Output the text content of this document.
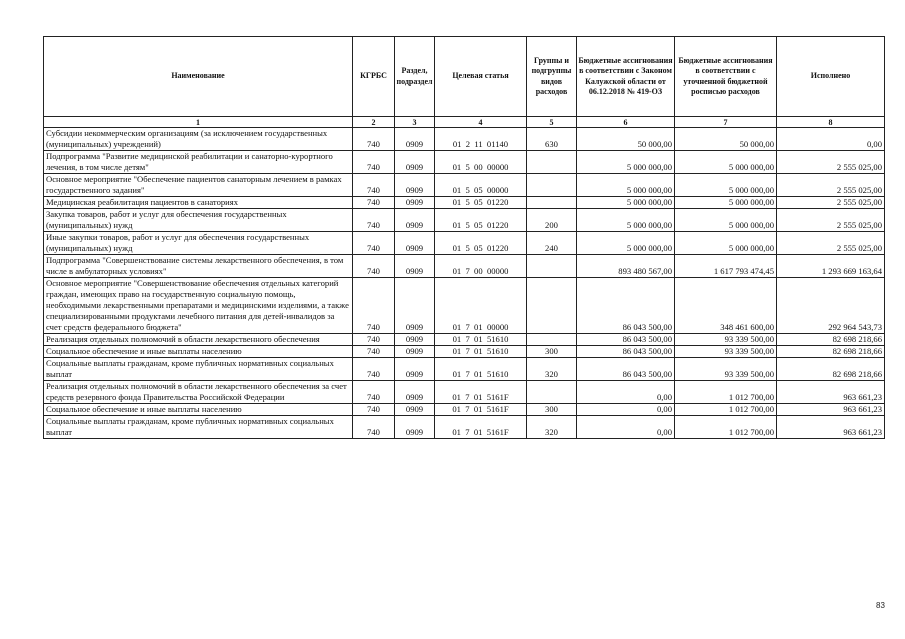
Наименование	КГРБС	Раздел, подраздел	Целевая статья	Группы и подгруппы видов расходов	Бюджетные ассигнования в соответствии с Законом Калужской области от 06.12.2018 № 419-ОЗ	Бюджетные ассигнования в соответствии с уточненной бюджетной росписью расходов	Исполнено
1	2	3	4	5	6	7	8
Субсидии некоммерческим организациям (за исключением государственных (муниципальных) учреждений)	740	0909	01  2  11  01140	630	50 000,00	50 000,00	0,00
Подпрограмма "Развитие медицинской реабилитации и санаторно-курортного лечения, в том числе детям"	740	0909	01  5  00  00000		5 000 000,00	5 000 000,00	2 555 025,00
Основное мероприятие "Обеспечение пациентов санаторным лечением в рамках государственного задания"	740	0909	01  5  05  00000		5 000 000,00	5 000 000,00	2 555 025,00
Медицинская реабилитация пациентов в санаториях	740	0909	01  5  05  01220		5 000 000,00	5 000 000,00	2 555 025,00
Закупка товаров, работ и услуг для обеспечения государственных (муниципальных) нужд	740	0909	01  5  05  01220	200	5 000 000,00	5 000 000,00	2 555 025,00
Иные закупки товаров, работ и услуг для обеспечения государственных (муниципальных) нужд	740	0909	01  5  05  01220	240	5 000 000,00	5 000 000,00	2 555 025,00
Подпрограмма "Совершенствование системы лекарственного обеспечения, в том числе в амбулаторных условиях"	740	0909	01  7  00  00000		893 480 567,00	1 617 793 474,45	1 293 669 163,64
Основное мероприятие "Совершенствование обеспечения отдельных категорий граждан, имеющих право на государственную социальную помощь, необходимыми лекарственными препаратами и медицинскими изделиями, а также специализированными продуктами лечебного питания для детей-инвалидов за счет средств федерального бюджета"	740	0909	01  7  01  00000		86 043 500,00	348 461 600,00	292 964 543,73
Реализация отдельных полномочий в области лекарственного обеспечения	740	0909	01  7  01  51610		86 043 500,00	93 339 500,00	82 698 218,66
Социальное обеспечение и иные выплаты населению	740	0909	01  7  01  51610	300	86 043 500,00	93 339 500,00	82 698 218,66
Социальные выплаты гражданам, кроме публичных нормативных социальных выплат	740	0909	01  7  01  51610	320	86 043 500,00	93 339 500,00	82 698 218,66
Реализация отдельных полномочий в области лекарственного обеспечения за счет средств резервного фонда Правительства Российской Федерации	740	0909	01  7  01  5161F		0,00	1 012 700,00	963 661,23
Социальное обеспечение и иные выплаты населению	740	0909	01  7  01  5161F	300	0,00	1 012 700,00	963 661,23
Социальные выплаты гражданам, кроме публичных нормативных социальных выплат	740	0909	01  7  01  5161F	320	0,00	1 012 700,00	963 661,23
83
